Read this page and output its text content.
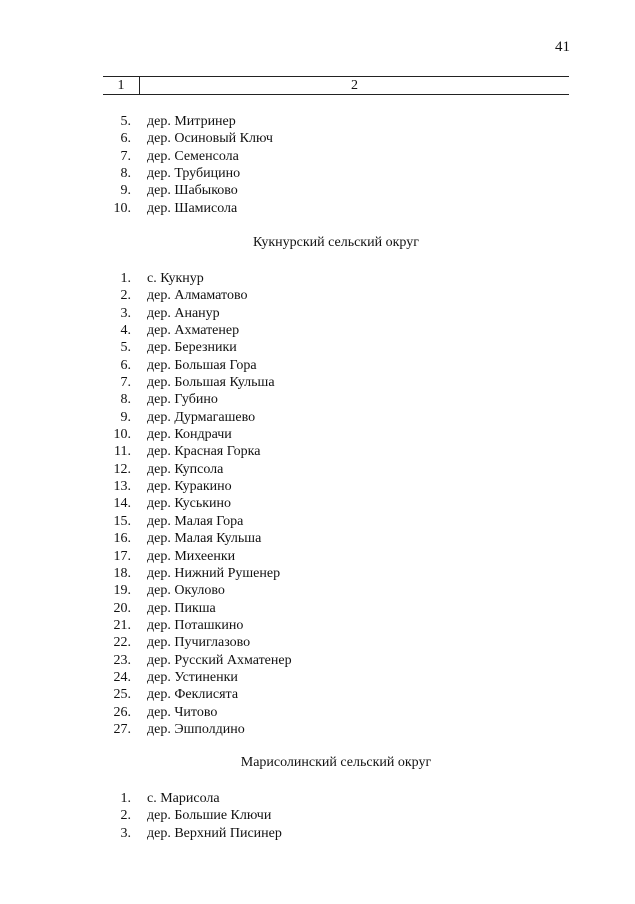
41
1	2
5. дер. Митринер
6. дер. Осиновый Ключ
7. дер. Семенсола
8. дер. Трубицино
9. дер. Шабыково
10. дер. Шамисола
Кукнурский сельский округ
1. с. Кукнур
2. дер. Алмаматово
3. дер. Ананур
4. дер. Ахматенер
5. дер. Березники
6. дер. Большая Гора
7. дер. Большая Кульша
8. дер. Губино
9. дер. Дурмагашево
10. дер. Кондрачи
11. дер. Красная Горка
12. дер. Купсола
13. дер. Куракино
14. дер. Куськино
15. дер. Малая Гора
16. дер. Малая Кульша
17. дер. Михеенки
18. дер. Нижний Рушенер
19. дер. Окулово
20. дер. Пикша
21. дер. Поташкино
22. дер. Пучиглазово
23. дер. Русский Ахматенер
24. дер. Устиненки
25. дер. Феклисята
26. дер. Читово
27. дер. Эшполдино
Марисолинский сельский округ
1. с. Марисола
2. дер. Большие Ключи
3. дер. Верхний Писинер
